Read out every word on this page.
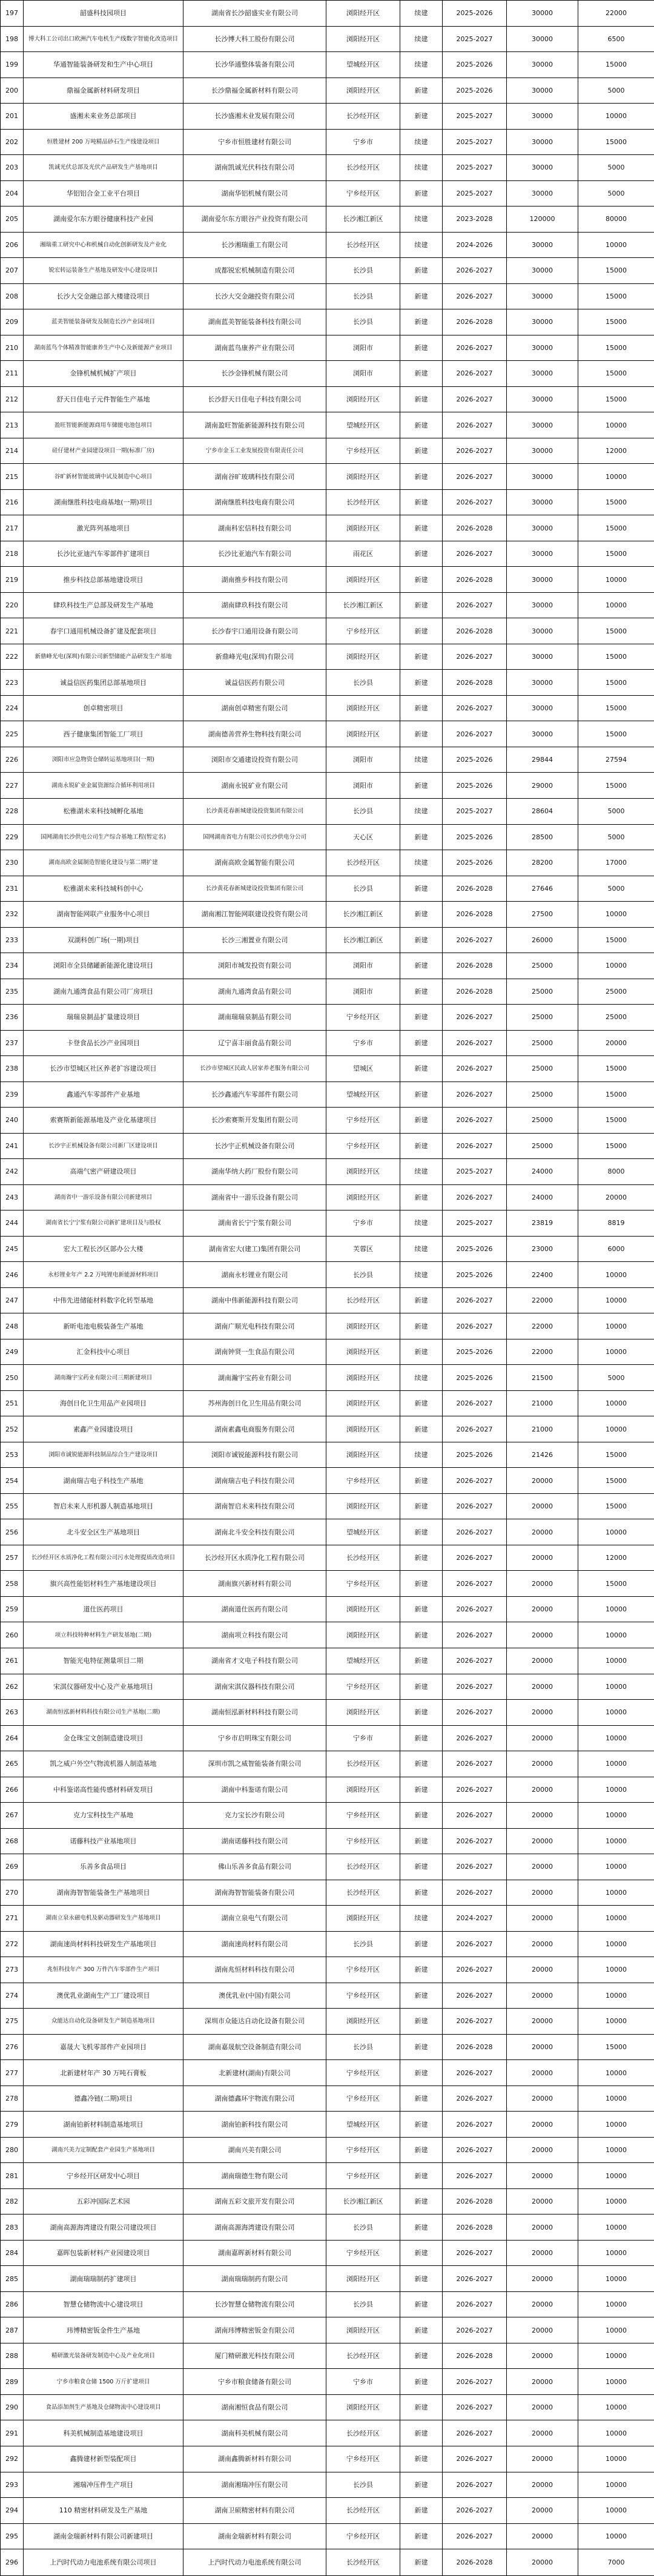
197	韶盛科技园项目	湖南省长沙韶盛实业有限公司	浏阳经开区	续建	2025-2026	30000	22000
198	博大科工公司出口欧洲汽车电机生产线数字智能化改造项目	长沙博大科工股份有限公司	浏阳经开区	续建	2025-2027	30000	6500
199	华通智能装备研发和生产中心项目	长沙华通整体装备有限公司	望城经开区	续建	2025-2026	30000	15000
200	鼎福金属新材料研发项目	长沙鼎福金属新材料有限公司	浏阳经开区	新建	2025-2026	30000	5000
201	盛湘未来业务总部项目	长沙盛湘未业发展有限公司	长沙经开区	新建	2025-2027	30000	10000
202	恒胜建材 200 万吨精品砂石生产线建设项目	宁乡市恒胜建材有限公司	宁乡市	续建	2025-2027	30000	15000
203	凯诚光伏总部及光伏产品研发生产基地项目	湖南凯诚光伏科技有限公司	长沙经开区	续建	2025-2027	30000	5000
204	华铝铝合金工业平台项目	湖南华铝机械有限公司	宁乡经开区	新建	2025-2027	30000	5000
205	湖南爱尔东方眼谷健康科技产业园	湖南爱尔东方眼谷产业投资有限公司	长沙湘江新区	续建	2023-2028	120000	80000
206	湘瑞重工研究中心和机械自动化创新研发及产业化	长沙湘瑞重工有限公司	长沙经开区	续建	2024-2026	30000	10000
207	锐宏转运装备生产基地及研发中心建设项目	成都锐宏机械制造有限公司	长沙县	新建	2026-2027	30000	15000
208	长沙大交金融总部大楼建设项目	长沙大交金融投资有限公司	长沙县	新建	2026-2027	30000	15000
209	蓝美智能装备研发及制造长沙产业园项目	湖南蓝美智能装备科技有限公司	长沙县	新建	2026-2028	30000	15000
210	湖南蓝鸟个体精准智能康养生产中心及新能源产业项目	湖南蓝鸟康养产业有限公司	浏阳市	新建	2026-2027	30000	15000
211	金锋机械机械扩产项目	长沙金锋机械有限公司	浏阳市	新建	2026-2027	30000	15000
212	舒天日佳电子元件智能生产基地	长沙舒天日佳电子科技有限公司	浏阳经开区	新建	2026-2027	30000	15000
213	盈旺智能新能源商用车储能电池包项目	湖南盈旺智能新能源科技有限公司	望城经开区	新建	2026-2027	30000	10000
214	硅仔建材产业园建设项目一期(标准厂房)	宁乡市金玉工业发展投资有限责任公司	宁乡经开区	新建	2026-2027	30000	12000
215	谷旷新材智能玻璃中试及制造中心项目	湖南谷旷玻璃科技有限公司	浏阳经开区	新建	2026-2027	30000	10000
216	湖南继胜科技电商基地(一期)项目	湖南继胜科技电商有限公司	长沙经开区	新建	2026-2027	30000	15000
217	激光阵列基地项目	湖南科宏信科技有限公司	浏阳经开区	新建	2026-2028	30000	15000
218	长沙比亚迪汽车零部件扩建项目	长沙比亚迪汽车有限公司	雨花区	新建	2026-2027	30000	15000
219	推步科技总部基地建设项目	湖南推步科技有限公司	浏阳经开区	新建	2026-2028	30000	10000
220	肆玖科技生产总部及研发生产基地	湖南肆玖科技有限公司	长沙湘江新区	新建	2026-2027	30000	10000
221	春宇口通用机械设备扩建及配套项目	长沙春宇口通用设备有限公司	宁乡经开区	新建	2026-2028	30000	15000
222	新鼎峰光电(深圳)有限公司新型储能产品研发生产基地	新鼎峰光电(深圳)有限公司	浏阳经开区	新建	2026-2027	30000	15000
223	诚益信医药集团总部基地项目	诚益信医药有限公司	长沙县	新建	2026-2028	30000	15000
224	创卓精密项目	湖南创卓精密有限公司	浏阳经开区	新建	2026-2027	30000	15000
225	西子健康集团智能工厂项目	湖南德善营养生物科技有限公司	浏阳经开区	新建	2026-2027	30000	15000
226	浏阳市应急物资仓储转运基地项目(一期)	浏阳市交通建设投资有限公司	浏阳市	续建	2025-2026	29844	27594
227	湖南永锐矿业金属资源综合循环利用项目	湖南永锐矿业有限公司	浏阳市	新建	2025-2026	29000	15000
228	松雅湖未来科技城孵化基地	长沙黄花春新城建设投资集团有限公司	长沙县	续建	2025-2027	28604	5000
229	国网湖南长沙供电公司生产综合基地工程(暂定名)	国网湖南省电力有限公司长沙供电分公司	天心区	新建	2025-2026	28500	5000
230	湖南高欧金属制造智能化建设与第二期扩建	湖南高欧金属智能有限公司	长沙经开区	续建	2025-2026	28200	17000
231	松雅湖未来科技城科创中心	长沙黄花春新城建设投资集团有限公司	长沙县	新建	2026-2028	27646	5000
232	湖南智能网联产业服务中心项目	湖南湘江智能网联建设投资有限公司	长沙湘江新区	新建	2026-2028	27500	10000
233	双湖科创广场(一期)项目	长沙三湘置业有限公司	长沙湘江新区	新建	2026-2027	26000	15000
234	浏阳市全县储罐新能源化建设项目	浏阳市城发投资有限公司	浏阳市	新建	2026-2028	25000	10000
235	湖南九通湾食品有限公司厂房项目	湖南九通湾食品有限公司	浏阳市	新建	2026-2028	25000	25000
236	瑞瑞泉制品扩量建设项目	湖南瑞瑞泉制品有限公司	宁乡经开区	新建	2026-2027	25000	25000
237	卡登食品长沙产业园项目	辽宁喜丰丽食品有限公司	宁乡市	新建	2026-2027	25000	20000
238	长沙市望城区社区养老扩容建设项目	长沙市望城区民政人居家养老服务有限公司	望城区	新建	2026-2027	25000	15000
239	鑫通汽车零部件产业基地	长沙鑫通汽车零部件有限公司	望城经开区	新建	2026-2027	25000	15000
240	索赛斯新能源基地及产业化基建项目	长沙索赛斯开发集团有限公司	宁乡经开区	新建	2026-2027	25000	15000
241	长沙宇正机械设备有限公司新厂区建设项目	长沙宇正机械设备有限公司	宁乡经开区	新建	2026-2027	25000	15000
242	高端气密产研建设项目	湖南华纳大药厂股份有限公司	浏阳经开区	续建	2025-2027	24000	8000
243	湖南省中一游乐设备有限公司新建项目	湖南省中一游乐设备有限公司	浏阳经开区	新建	2026-2027	24000	20000
244	湖南省长宁宁浆有限公司新扩建项目及与股权	湖南省长宁宁浆有限公司	宁乡市	续建	2025-2027	23819	8819
245	宏大工程长沙区部办公大楼	湖南省宏大(建工)集团有限公司	芙蓉区	续建	2025-2026	23000	6000
246	永杉锂业年产 2.2 万吨锂电新能源材料项目	湖南永杉锂业有限公司	长沙县	续建	2025-2026	22400	10000
247	中伟先进储能材料数字化转型基地	湖南中伟新能源科技有限公司	长沙经开区	新建	2026-2027	22000	10000
248	新昕电池电极装备生产基地	湖南广顺光电科技有限公司	浏阳经开区	新建	2026-2027	22000	10000
249	汇金科技中心项目	湖南钟贤一生食品有限公司	浏阳经开区	新建	2025-2026	22000	10000
250	湖南瀚宇宝药业有限公司三期新建项目	湖南瀚宇宝药业有限公司	浏阳经开区	续建	2025-2026	21500	5000
251	海创日化卫生用品产业园项目	苏州海创日化卫生用品有限公司	浏阳经开区	新建	2026-2027	21000	10000
252	素鑫产业园建设项目	湖南素鑫电商服务有限公司	浏阳经开区	新建	2026-2027	21000	10000
253	浏阳市诚锐能源科技制品综合生产建设项目	浏阳市诚锐能源科技有限公司	浏阳经开区	续建	2025-2026	21426	15000
254	湖南瑞吉电子科技生产基地	湖南瑞吉电子科技有限公司	宁乡经开区	新建	2026-2027	20000	15000
255	智启未来人形机器人制造基地项目	湖南智启未来科技有限公司	浏阳经开区	新建	2026-2027	20000	15000
256	北斗安全区生产基地项目	湖南北斗安全科技有限公司	望城经开区	新建	2026-2027	20000	10000
257	长沙经开区水质净化工程有限公司污水处理提质改造项目	长沙经开区水质净化工程有限公司	长沙经开区	新建	2026-2027	20000	12000
258	旗兴高性能铝材料生产基地建设项目	湖南旗兴新材料有限公司	宁乡经开区	新建	2026-2027	20000	15000
259	道仕医药项目	湖南道仕医药有限公司	浏阳经开区	新建	2026-2027	20000	10000
260	项立科技特种材料生产研发基地(二期)	湖南项立科技有限公司	浏阳经开区	新建	2026-2027	20000	10000
261	智能光电特征测量项目二期	湖南省才文电子科技有限公司	望城经开区	新建	2026-2027	20000	10000
262	宋淇仪器研发中心及产业基地项目	湖南宋淇仪器科技有限公司	宁乡经开区	新建	2026-2027	20000	10000
263	湖南恒泓新材料科技有限公司生产基地(二期)	湖南恒泓新材料科技有限公司	浏阳经开区	新建	2026-2027	20000	10000
264	金仓珠宝文创制造建设项目	宁乡市启明珠宝有限公司	宁乡市	新建	2026-2027	20000	10000
265	凯之威户外空气物流机器人制造基地	深圳市凯之威智能装备有限公司	长沙经开区	新建	2026-2027	20000	10000
266	中科鉴诺高性能传感材料研发项目	湖南中科鉴诺有限公司	浏阳经开区	新建	2026-2027	20000	10000
267	克力宝科技生产基地	克力宝长沙有限公司	宁乡经开区	新建	2026-2027	20000	10000
268	诺藤科技产业基地项目	湖南诺藤科技有限公司	宁乡经开区	新建	2026-2027	20000	10000
269	乐善多食品项目	佛山乐善多食品有限公司	长沙经开区	新建	2026-2027	20000	10000
270	湖南海智智能装备生产基地项目	湖南海智智能装备有限公司	长沙经开区	新建	2026-2027	20000	10000
271	湖南立泉永磁电机及驱动器研发生产基地项目	湖南立泉电气有限公司	浏阳经开区	续建	2024-2027	20000	10000
272	湖南速尚材料科技研发生产基地项目	湖南速尚材料有限公司	长沙县	新建	2026-2027	20000	10000
273	兆恒科技年产 300 万件汽车零部件生产项目	湖南兆恒材料科技有限公司	宁乡经开区	新建	2026-2027	20000	10000
274	澳优乳业湖南生产工厂建设项目	澳优乳业(中国)有限公司	宁乡经开区	新建	2026-2027	20000	10000
275	众能达自动化设备研发生产制造基地项目	深圳市众能达自动化设备有限公司	浏阳经开区	新建	2026-2027	20000	10000
276	嘉晟大飞机零部件产业园项目	湖南嘉晟航空设备制造有限公司	长沙县	新建	2026-2028	20000	15000
277	北新建材年产 30 万吨石膏板	北新建材(湖南)有限公司	宁乡经开区	新建	2026-2027	20000	10000
278	德鑫冷链(二期)项目	湖南德鑫环宇物流有限公司	宁乡经开区	新建	2026-2027	20000	10000
279	湖南铂新材料制造基地项目	湖南铂新科技有限公司	望城经开区	新建	2026-2027	20000	10000
280	湖南兴美力定制配套产业园生产基地项目	湖南兴美有限公司	宁乡经开区	新建	2026-2027	20000	10000
281	宁乡经开区研发中心项目	湖南瑞德生物有限公司	宁乡经开区	新建	2026-2027	20000	10000
282	五彩冲国际艺术园	湖南五彩文旅开发有限公司	长沙湘江新区	新建	2026-2028	20000	10000
283	湖南高源海湾建设有限公司建设项目	湖南高源海湾建设有限公司	长沙县	新建	2026-2028	20000	10000
284	嘉晖包装新材料产业园建设项目	湖南嘉晖新材料有限公司	宁乡经开区	新建	2026-2027	20000	10000
285	湖南瑞瑞制药扩建项目	湖南瑞瑞制药有限公司	浏阳经开区	新建	2026-2027	20000	10000
286	智慧仓储物流中心建设项目	长沙智慧仓储物流有限公司	长沙县	新建	2026-2027	20000	10000
287	玮博精密钣金件生产基地	湖南玮博精密钣金有限公司	浏阳经开区	新建	2026-2027	20000	10000
288	精研激光装备研发制造中心及产业化项目	厦门精研激光科技有限公司	长沙经开区	新建	2026-2028	20000	10000
289	宁乡市粮食仓储 1500 万斤扩建项目	宁乡市粮食储备有限公司	宁乡市	新建	2026-2027	20000	10000
290	食品添加剂生产基地及仓储物流中心建设项目	湖南湘恒食品有限公司	浏阳经开区	新建	2026-2027	20000	10000
291	科美机械制造基地建设项目	湖南科美机械有限公司	长沙经开区	新建	2026-2027	20000	10000
292	鑫腾建材新型装配项目	湖南鑫腾新材料有限公司	宁乡经开区	新建	2026-2027	20000	10000
293	湘瑞冲压件生产项目	湖南湘瑞冲压有限公司	长沙县	新建	2026-2027	20000	10000
294	110 精密材料研发及生产基地	湖南卫硕精密材料有限公司	长沙经开区	新建	2026-2027	20000	10000
295	湖南金瑞新材料有限公司新建项目	湖南金瑞新材料有限公司	宁乡经开区	新建	2026-2027	20000	10000
296	上汽时代动力电池系统有限公司项目	上汽时代动力电池系统有限公司	长沙经开区	新建	2026-2028	20000	7000
